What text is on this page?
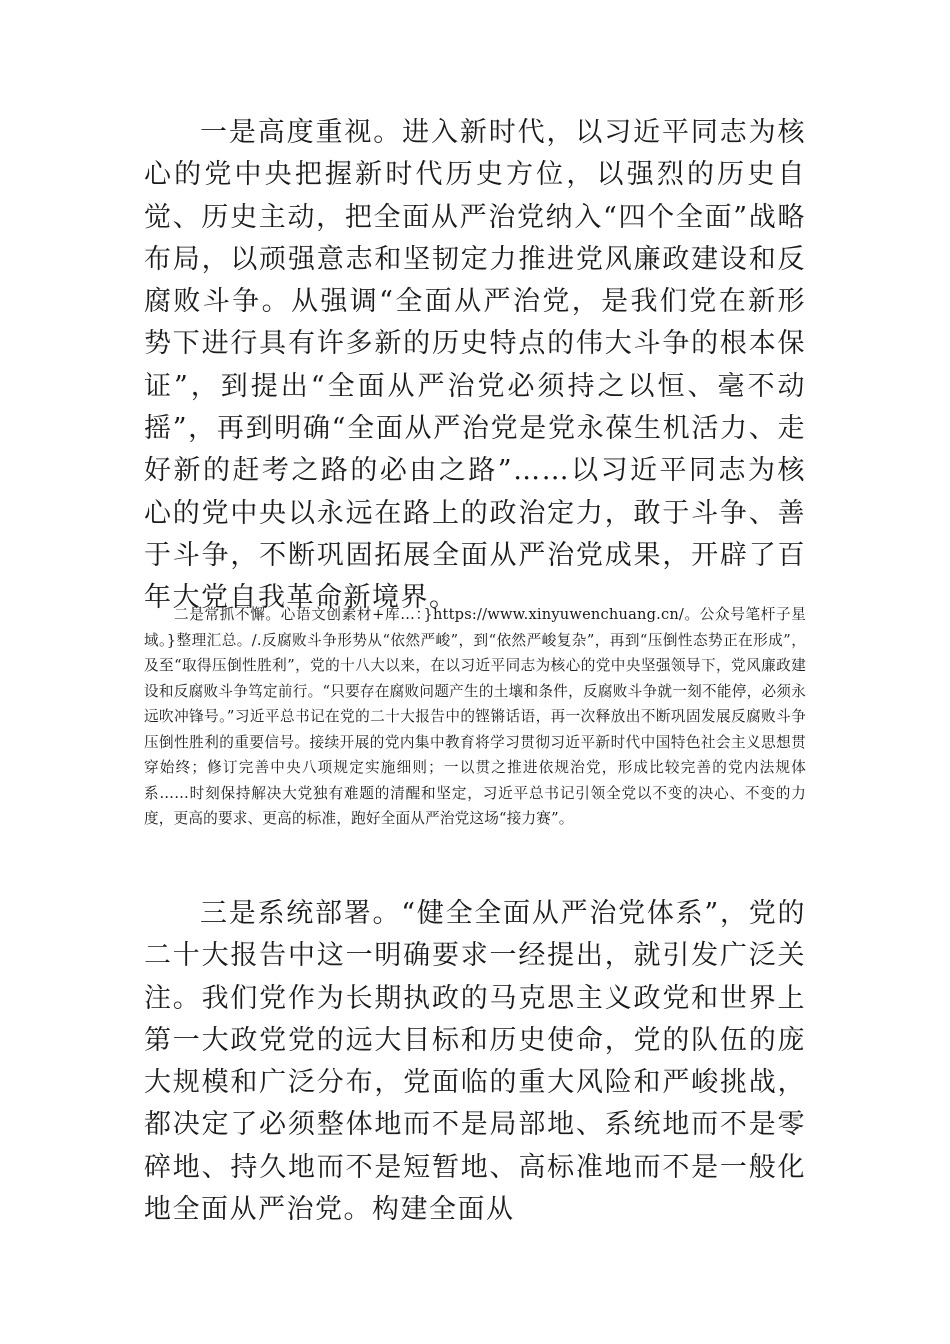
一是高度重视。进入新时代，以习近平同志为核心的党中央把握新时代历史方位，以强烈的历史自觉、历史主动，把全面从严治党纳入“四个全面”战略布局，以顽强意志和坚韧定力推进党风廉政建设和反腐败斗争。从强调“全面从严治党，是我们党在新形势下进行具有许多新的历史特点的伟大斗争的根本保证”，到提出“全面从严治党必须持之以恒、毫不动摇”，再到明确“全面从严治党是党永葆生机活力、走好新的赶考之路的必由之路”……以习近平同志为核心的党中央以永远在路上的政治定力，敢于斗争、善于斗争，不断巩固拓展全面从严治党成果，开辟了百年大党自我革命新境界。

二是常抓不懈。心语文创素材+库…：}https://www.xinyuwenchuang.cn/。公众号笔杆子星域。}整理汇总。/.反腐败斗争形势从“依然严峻”，到“依然严峻复杂”，再到“压倒性态势正在形成”，及至“取得压倒性胜利”，党的十八大以来，在以习近平同志为核心的党中央坚强领导下，党风廉政建设和反腐败斗争笃定前行。“只要存在腐败问题产生的土壤和条件，反腐败斗争就一刻不能停，必须永远吹冲锋号。”习近平总书记在党的二十大报告中的铿锵话语，再一次释放出不断巩固发展反腐败斗争压倒性胜利的重要信号。接续开展的党内集中教育将学习贯彻习近平新时代中国特色社会主义思想贯穿始终；修订完善中央八项规定实施细则；一以贯之推进依规治党，形成比较完善的党内法规体系……时刻保持解决大党独有难题的清醒和坚定，习近平总书记引领全党以不变的决心、不变的力度，更高的要求、更高的标准，跑好全面从严治党这场“接力赛”。

三是系统部署。“健全全面从严治党体系”，党的二十大报告中这一明确要求一经提出，就引发广泛关注。我们党作为长期执政的马克思主义政党和世界上第一大政党党的远大目标和历史使命，党的队伍的庞大规模和广泛分布，党面临的重大风险和严峻挑战，都决定了必须整体地而不是局部地、系统地而不是零碎地、持久地而不是短暂地、高标准地而不是一般化地全面从严治党。构建全面从
